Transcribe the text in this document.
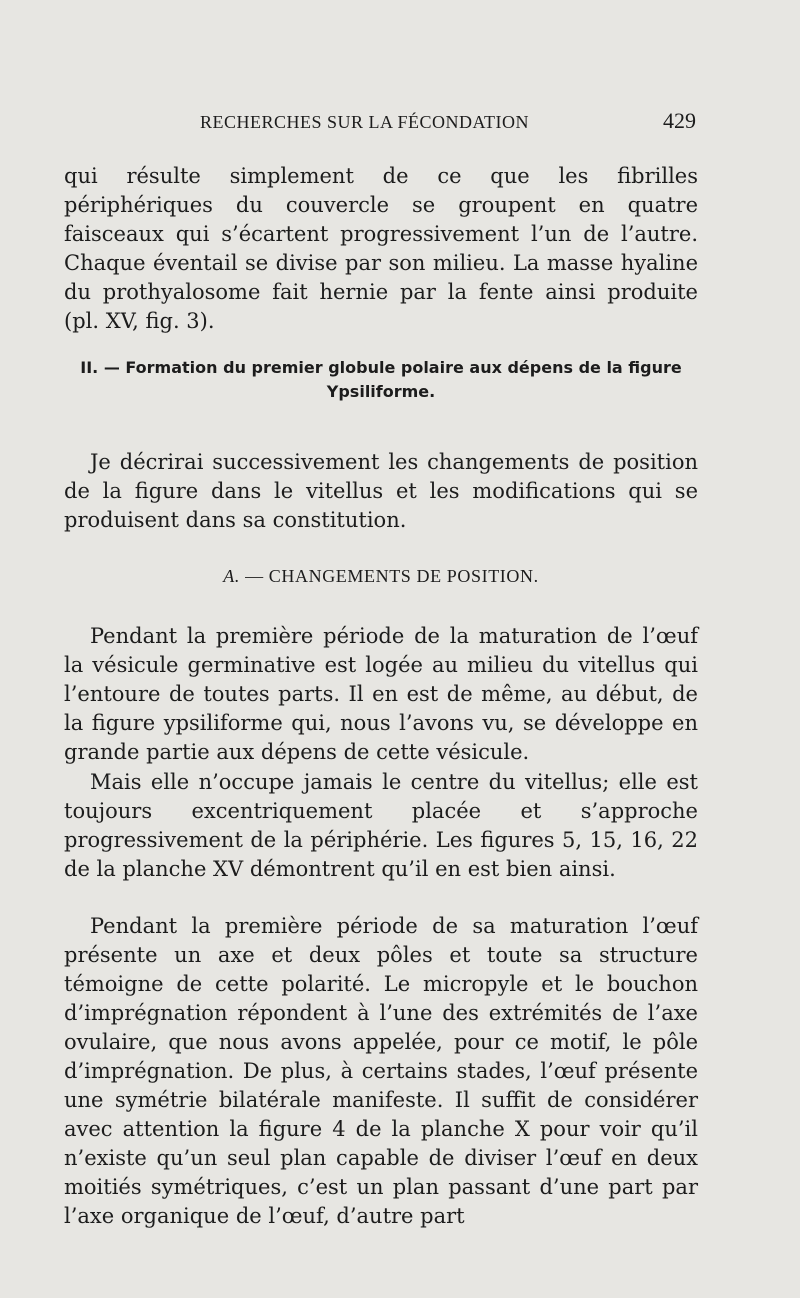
RECHERCHES SUR LA FÉCONDATION	429

qui résulte simplement de ce que les fibrilles périphériques du couvercle se groupent en quatre faisceaux qui s’écartent progressivement l’un de l’autre. Chaque éventail se divise par son milieu. La masse hyaline du prothyalosome fait hernie par la fente ainsi produite (pl. XV, fig. 3).

II. — Formation du premier globule polaire aux dépens de la figure Ypsiliforme.

Je décrirai successivement les changements de position de la figure dans le vitellus et les modifications qui se produisent dans sa constitution.

A. — CHANGEMENTS DE POSITION.

Pendant la première période de la maturation de l’œuf la vésicule germinative est logée au milieu du vitellus qui l’entoure de toutes parts. Il en est de même, au début, de la figure ypsiliforme qui, nous l’avons vu, se développe en grande partie aux dépens de cette vésicule.

Mais elle n’occupe jamais le centre du vitellus; elle est toujours excentriquement placée et s’approche progressivement de la périphérie. Les figures 5, 15, 16, 22 de la planche XV démontrent qu’il en est bien ainsi.

Pendant la première période de sa maturation l’œuf présente un axe et deux pôles et toute sa structure témoigne de cette polarité. Le micropyle et le bouchon d’imprégnation répondent à l’une des extrémités de l’axe ovulaire, que nous avons appelée, pour ce motif, le pôle d’imprégnation. De plus, à certains stades, l’œuf présente une symétrie bilatérale manifeste. Il suffit de considérer avec attention la figure 4 de la planche X pour voir qu’il n’existe qu’un seul plan capable de diviser l’œuf en deux moitiés symétriques, c’est un plan passant d’une part par l’axe organique de l’œuf, d’autre part
